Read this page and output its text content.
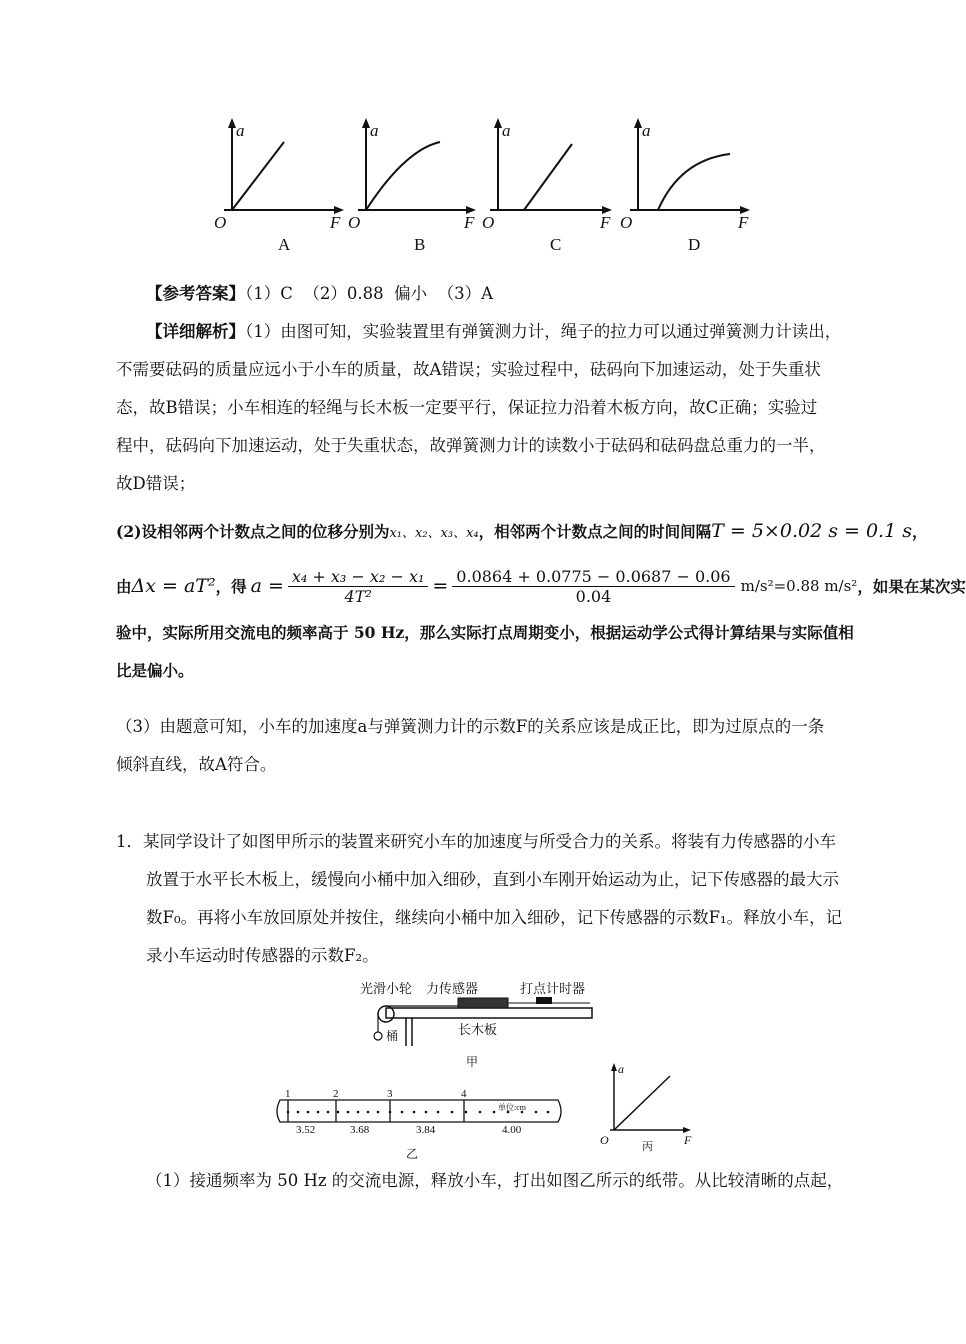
a
F
O
a
F
O
a
F
O
a
F
O
A	B	C	D
【参考答案】（1）C  （2）0.88  偏小  （3）A
【详细解析】（1）由图可知，实验装置里有弹簧测力计，绳子的拉力可以通过弹簧测力计读出，
不需要砝码的质量应远小于小车的质量，故A错误；实验过程中，砝码向下加速运动，处于失重状
态，故B错误；小车相连的轻绳与长木板一定要平行，保证拉力沿着木板方向，故C正确；实验过
程中，砝码向下加速运动，处于失重状态，故弹簧测力计的读数小于砝码和砝码盘总重力的一半，
故D错误；
(2)设相邻两个计数点之间的位移分别为x₁、x₂、x₃、x₄，相邻两个计数点之间的时间间隔T = 5×0.02 s = 0.1 s，
由 Δx = aT² ，得 a = x₄ + x₃ − x₂ − x₁
4T²	= 0.0864 + 0.0775 − 0.0687 − 0.06
0.04
m/s²=0.88 m/s² ，如果在某次实
验中，实际所用交流电的频率高于 50 Hz，那么实际打点周期变小，根据运动学公式得计算结果与实际值相
比是偏小。
（3）由题意可知，小车的加速度a与弹簧测力计的示数F的关系应该是成正比，即为过原点的一条
倾斜直线，故A符合。
1．某同学设计了如图甲所示的装置来研究小车的加速度与所受合力的关系。将装有力传感器的小车
放置于水平长木板上，缓慢向小桶中加入细砂，直到小车刚开始运动为止，记下传感器的最大示
数F₀。再将小车放回原处并按住，继续向小桶中加入细砂，记下传感器的示数F₁。释放小车，记
录小车运动时传感器的示数F₂。
光滑小轮 力传感器	打点计时器
长木板
桶
甲
1	2	3	4
单位:cm
3.52	3.68	3.84	4.00
乙
a
F
O	丙
（1）接通频率为 50 Hz 的交流电源，释放小车，打出如图乙所示的纸带。从比较清晰的点起，
